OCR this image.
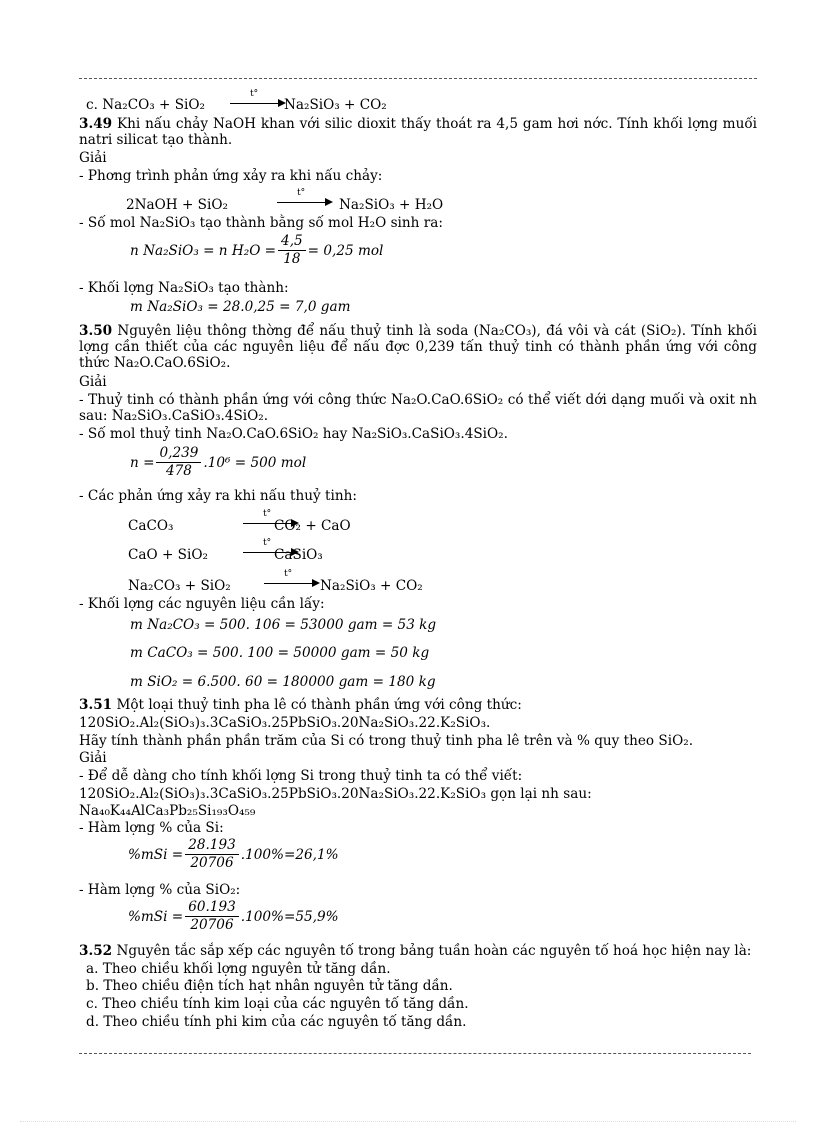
c. Na₂CO₃ + SiO₂
t°
Na₂SiO₃ + CO₂
3.49 Khi nấu chảy NaOH khan với silic dioxit thấy thoát ra 4,5 gam hơi nớc. Tính khối lợng muối natri silicat tạo thành.
Giải
- Phơng trình phản ứng xảy ra khi nấu chảy:
2NaOH + SiO₂
t°
Na₂SiO₃ + H₂O
- Số mol Na₂SiO₃ tạo thành bằng số mol H₂O sinh ra:
n Na₂SiO₃ = n $H_2O = \frac{4,5}{18} = 0,25$ mol
- Khối lợng Na₂SiO₃ tạo thành:
m Na₂SiO₃ = 28.0,25 = 7,0 gam
3.50 Nguyên liệu thông thờng để nấu thuỷ tinh là soda (Na₂CO₃), đá vôi và cát (SiO₂). Tính khối lợng cần thiết của các nguyên liệu để nấu đợc 0,239 tấn thuỷ tinh có thành phần ứng với công thức Na₂O.CaO.6SiO₂.
Giải
- Thuỷ tinh có thành phần ứng với công thức Na₂O.CaO.6SiO₂ có thể viết dới dạng muối và oxit nh sau: Na₂SiO₃.CaSiO₃.4SiO₂.
- Số mol thuỷ tinh Na₂O.CaO.6SiO₂ hay Na₂SiO₃.CaSiO₃.4SiO₂.
$n = \frac{0,239}{478} .10^6 = 500$ mol
- Các phản ứng xảy ra khi nấu thuỷ tinh:
CaCO₃
t°
CO₂ + CaO
CaO + SiO₂
t°
CaSiO₃
Na₂CO₃ + SiO₂
t°
Na₂SiO₃ + CO₂
- Khối lợng các nguyên liệu cần lấy:
m Na₂CO₃ = 500. 106 = 53000 gam = 53 kg
m CaCO₃ = 500. 100 = 50000 gam = 50 kg
m SiO₂ = 6.500. 60 = 180000 gam = 180 kg
3.51 Một loại thuỷ tinh pha lê có thành phần ứng với công thức:
120SiO₂.Al₂(SiO₃)₃.3CaSiO₃.25PbSiO₃.20Na₂SiO₃.22.K₂SiO₃.
Hãy tính thành phần phần trăm của Si có trong thuỷ tinh pha lê trên và % quy theo SiO₂.
Giải
- Để dễ dàng cho tính khối lợng Si trong thuỷ tinh ta có thể viết:
120SiO₂.Al₂(SiO₃)₃.3CaSiO₃.25PbSiO₃.20Na₂SiO₃.22.K₂SiO₃ gọn lại nh sau:
Na₄₀K₄₄AlCa₃Pb₂₅Si₁₉₃O₄₅₉
- Hàm lợng % của Si:
$\%mSi = \frac{28.193}{20706} .100\%=26,1\%$
- Hàm lợng % của SiO₂:
$\%mSi = \frac{60.193}{20706} .100\%=55,9\%$
3.52 Nguyên tắc sắp xếp các nguyên tố trong bảng tuần hoàn các nguyên tố hoá học hiện nay là:
a. Theo chiều khối lợng nguyên tử tăng dần.
b. Theo chiều điện tích hạt nhân nguyên tử tăng dần.
c. Theo chiều tính kim loại của các nguyên tố tăng dần.
d. Theo chiều tính phi kim của các nguyên tố tăng dần.
